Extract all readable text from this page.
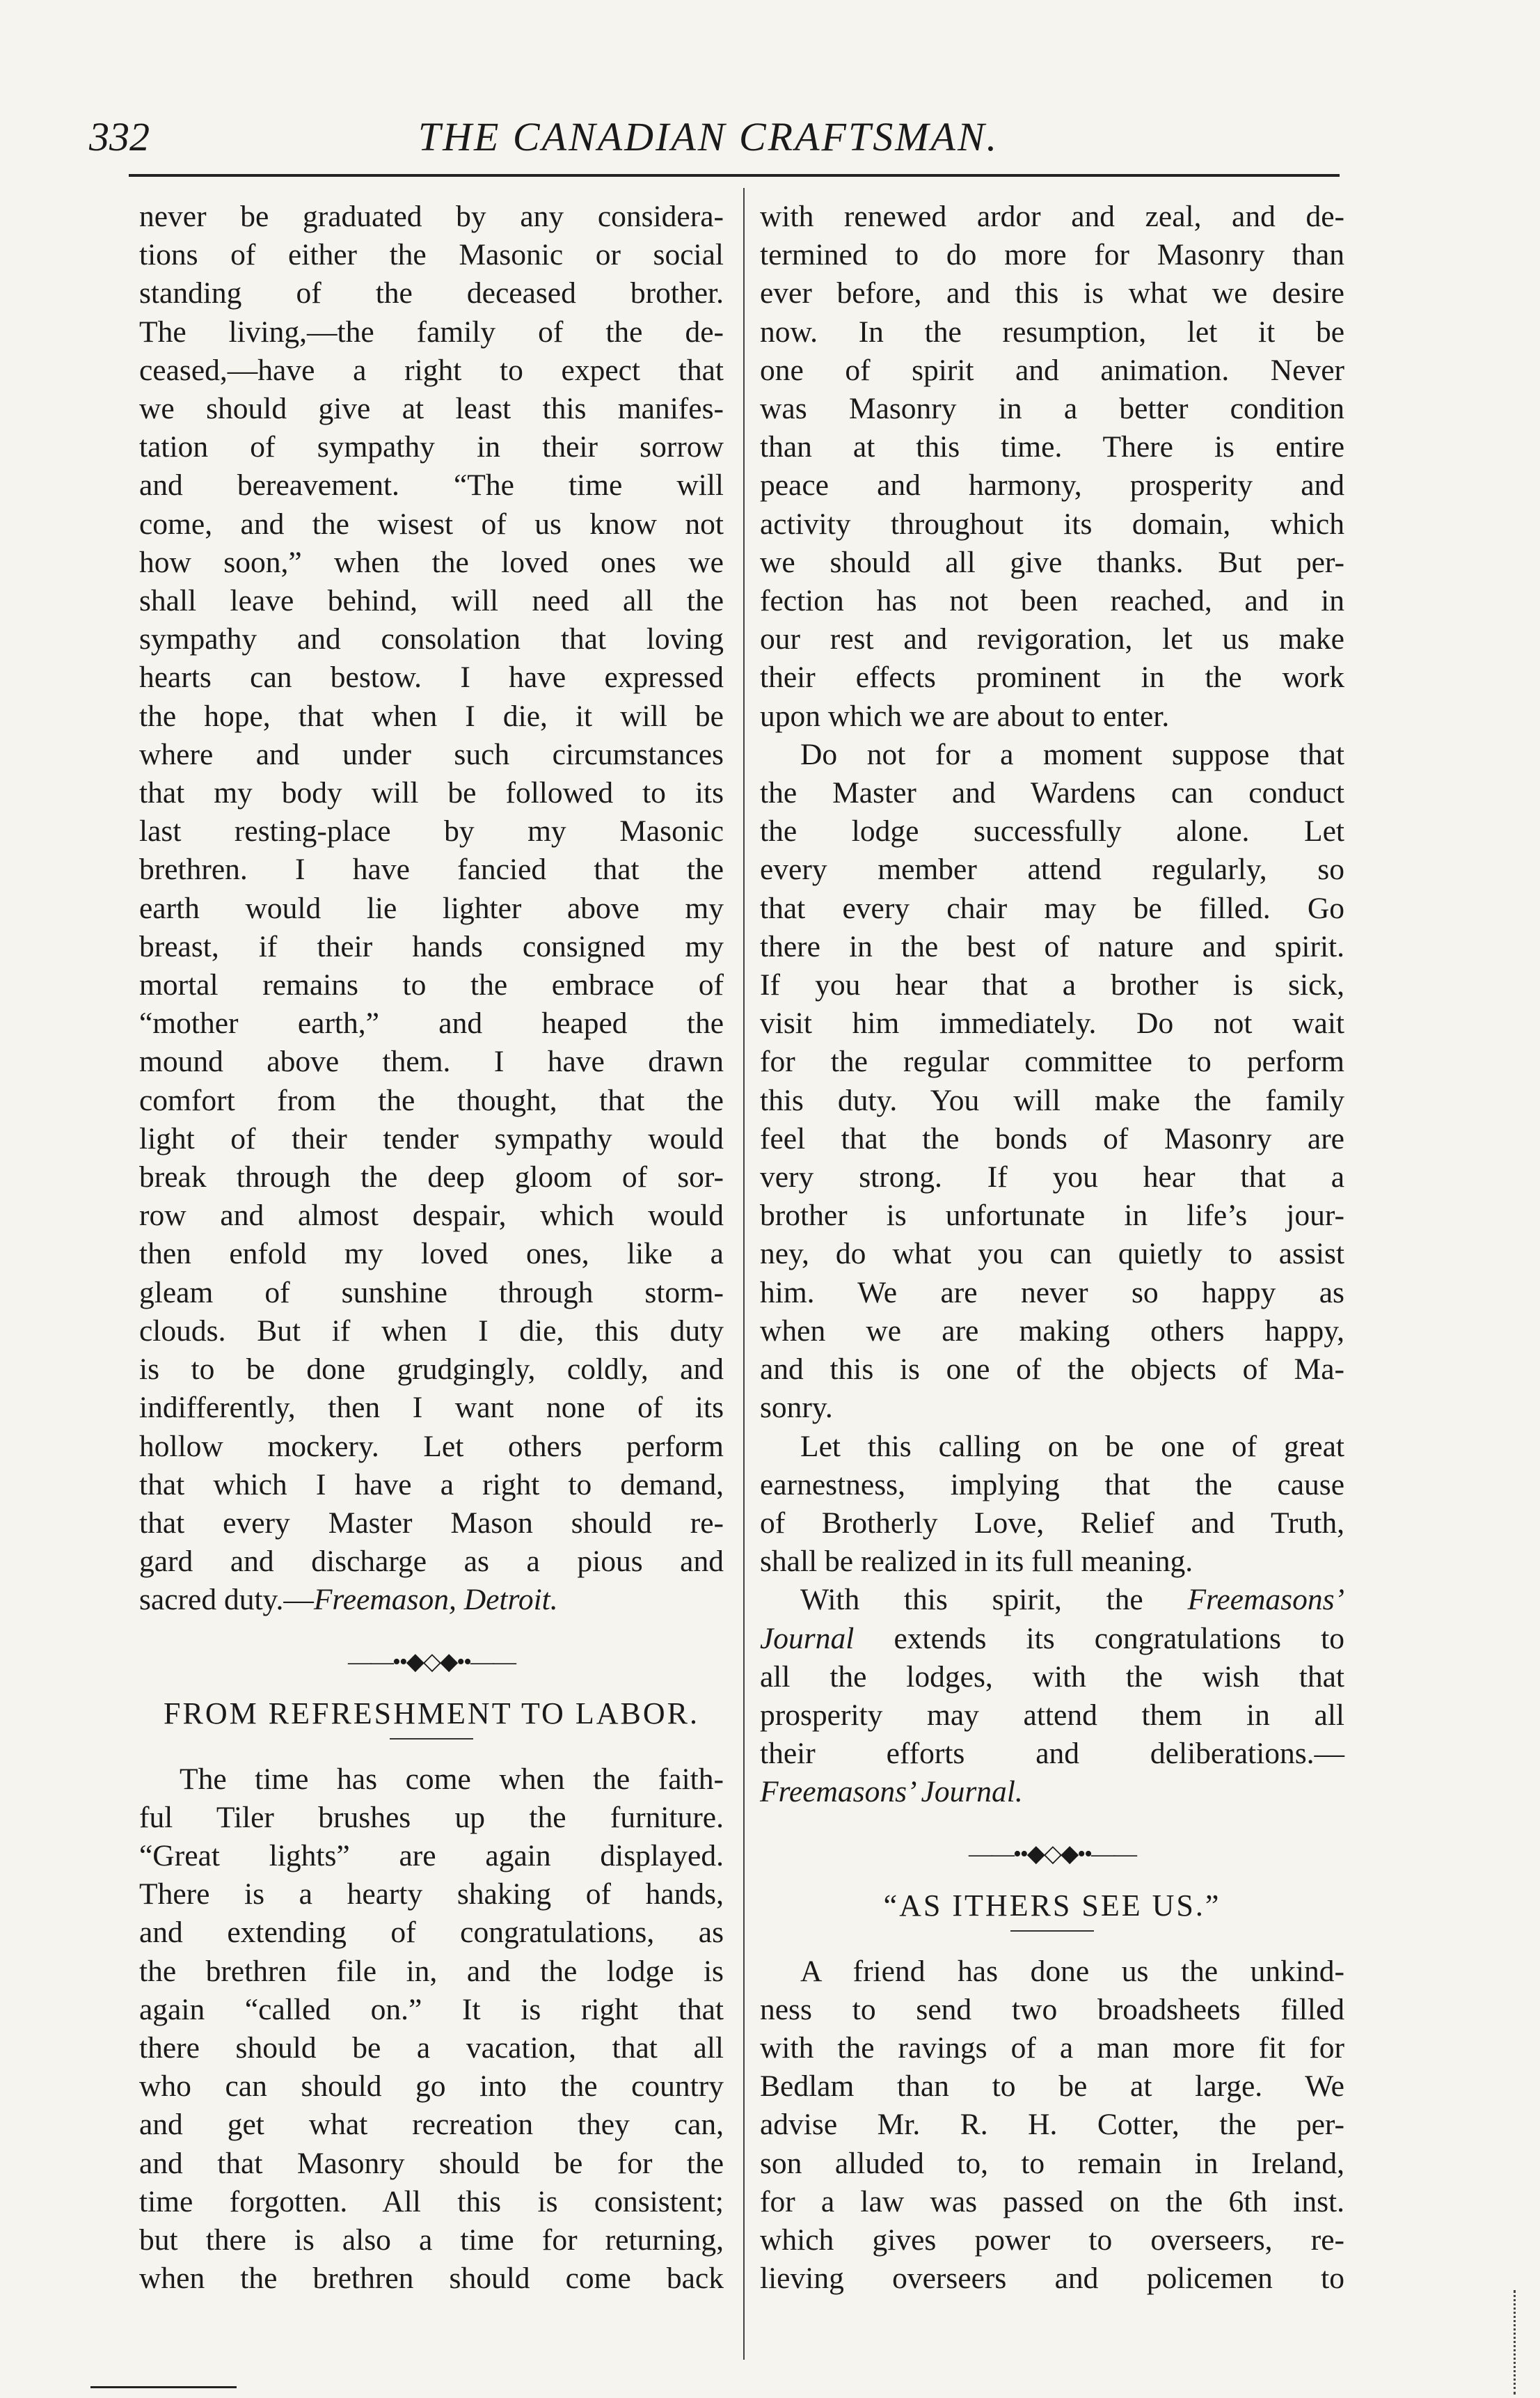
332	THE CANADIAN CRAFTSMAN.
never be graduated by any considera-
tions of either the Masonic or social
standing of the deceased brother.
The living,—the family of the de-
ceased,—have a right to expect that
we should give at least this manifes-
tation of sympathy in their sorrow
and bereavement. “The time will
come, and the wisest of us know not
how soon,” when the loved ones we
shall leave behind, will need all the
sympathy and consolation that loving
hearts can bestow. I have expressed
the hope, that when I die, it will be
where and under such circumstances
that my body will be followed to its
last resting-place by my Masonic
brethren. I have fancied that the
earth would lie lighter above my
breast, if their hands consigned my
mortal remains to the embrace of
“mother earth,” and heaped the
mound above them. I have drawn
comfort from the thought, that the
light of their tender sympathy would
break through the deep gloom of sor-
row and almost despair, which would
then enfold my loved ones, like a
gleam of sunshine through storm-
clouds. But if when I die, this duty
is to be done grudgingly, coldly, and
indifferently, then I want none of its
hollow mockery. Let others perform
that which I have a right to demand,
that every Master Mason should re-
gard and discharge as a pious and
sacred duty.—Freemason, Detroit.
——••◆◇◆••——
FROM REFRESHMENT TO LABOR.
The time has come when the faith-
ful Tiler brushes up the furniture.
“Great lights” are again displayed.
There is a hearty shaking of hands,
and extending of congratulations, as
the brethren file in, and the lodge is
again “called on.” It is right that
there should be a vacation, that all
who can should go into the country
and get what recreation they can,
and that Masonry should be for the
time forgotten. All this is consistent;
but there is also a time for returning,
when the brethren should come back
with renewed ardor and zeal, and de-
termined to do more for Masonry than
ever before, and this is what we desire
now. In the resumption, let it be
one of spirit and animation. Never
was Masonry in a better condition
than at this time. There is entire
peace and harmony, prosperity and
activity throughout its domain, which
we should all give thanks. But per-
fection has not been reached, and in
our rest and revigoration, let us make
their effects prominent in the work
upon which we are about to enter.
Do not for a moment suppose that
the Master and Wardens can conduct
the lodge successfully alone. Let
every member attend regularly, so
that every chair may be filled. Go
there in the best of nature and spirit.
If you hear that a brother is sick,
visit him immediately. Do not wait
for the regular committee to perform
this duty. You will make the family
feel that the bonds of Masonry are
very strong. If you hear that a
brother is unfortunate in life’s jour-
ney, do what you can quietly to assist
him. We are never so happy as
when we are making others happy,
and this is one of the objects of Ma-
sonry.
Let this calling on be one of great
earnestness, implying that the cause
of Brotherly Love, Relief and Truth,
shall be realized in its full meaning.
With this spirit, the Freemasons’
Journal extends its congratulations to
all the lodges, with the wish that
prosperity may attend them in all
their efforts and deliberations.—
Freemasons’ Journal.
——••◆◇◆••——
“AS ITHERS SEE US.”
A friend has done us the unkind-
ness to send two broadsheets filled
with the ravings of a man more fit for
Bedlam than to be at large. We
advise Mr. R. H. Cotter, the per-
son alluded to, to remain in Ireland,
for a law was passed on the 6th inst.
which gives power to overseers, re-
lieving overseers and policemen to
